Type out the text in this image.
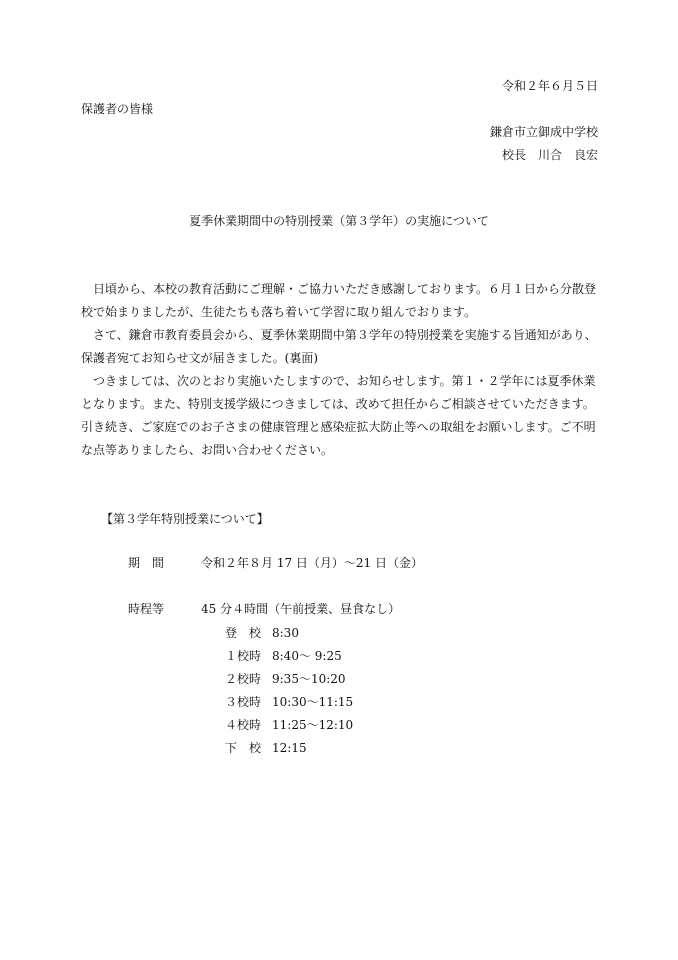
令和２年６月５日
保護者の皆様
鎌倉市立御成中学校
校長　川合　良宏
夏季休業期間中の特別授業（第３学年）の実施について
　日頃から、本校の教育活動にご理解・ご協力いただき感謝しております。６月１日から分散登
校で始まりましたが、生徒たちも落ち着いて学習に取り組んでおります。
　さて、鎌倉市教育委員会から、夏季休業期間中第３学年の特別授業を実施する旨通知があり、
保護者宛てお知らせ文が届きました。(裏面)
　つきましては、次のとおり実施いたしますので、お知らせします。第１・２学年には夏季休業
となります。また、特別支援学級につきましては、改めて担任からご相談させていただきます。
引き続き、ご家庭でのお子さまの健康管理と感染症拡大防止等への取組をお願いします。ご不明
な点等ありましたら、お問い合わせください。
【第３学年特別授業について】
期　間	令和２年８月 17 日（月）～21 日（金）
時程等	45 分４時間（午前授業、昼食なし）
登　校 8:30
１校時 8:40～ 9:25
２校時 9:35～10:20
３校時 10:30～11:15
４校時 11:25～12:10
下　校 12:15
